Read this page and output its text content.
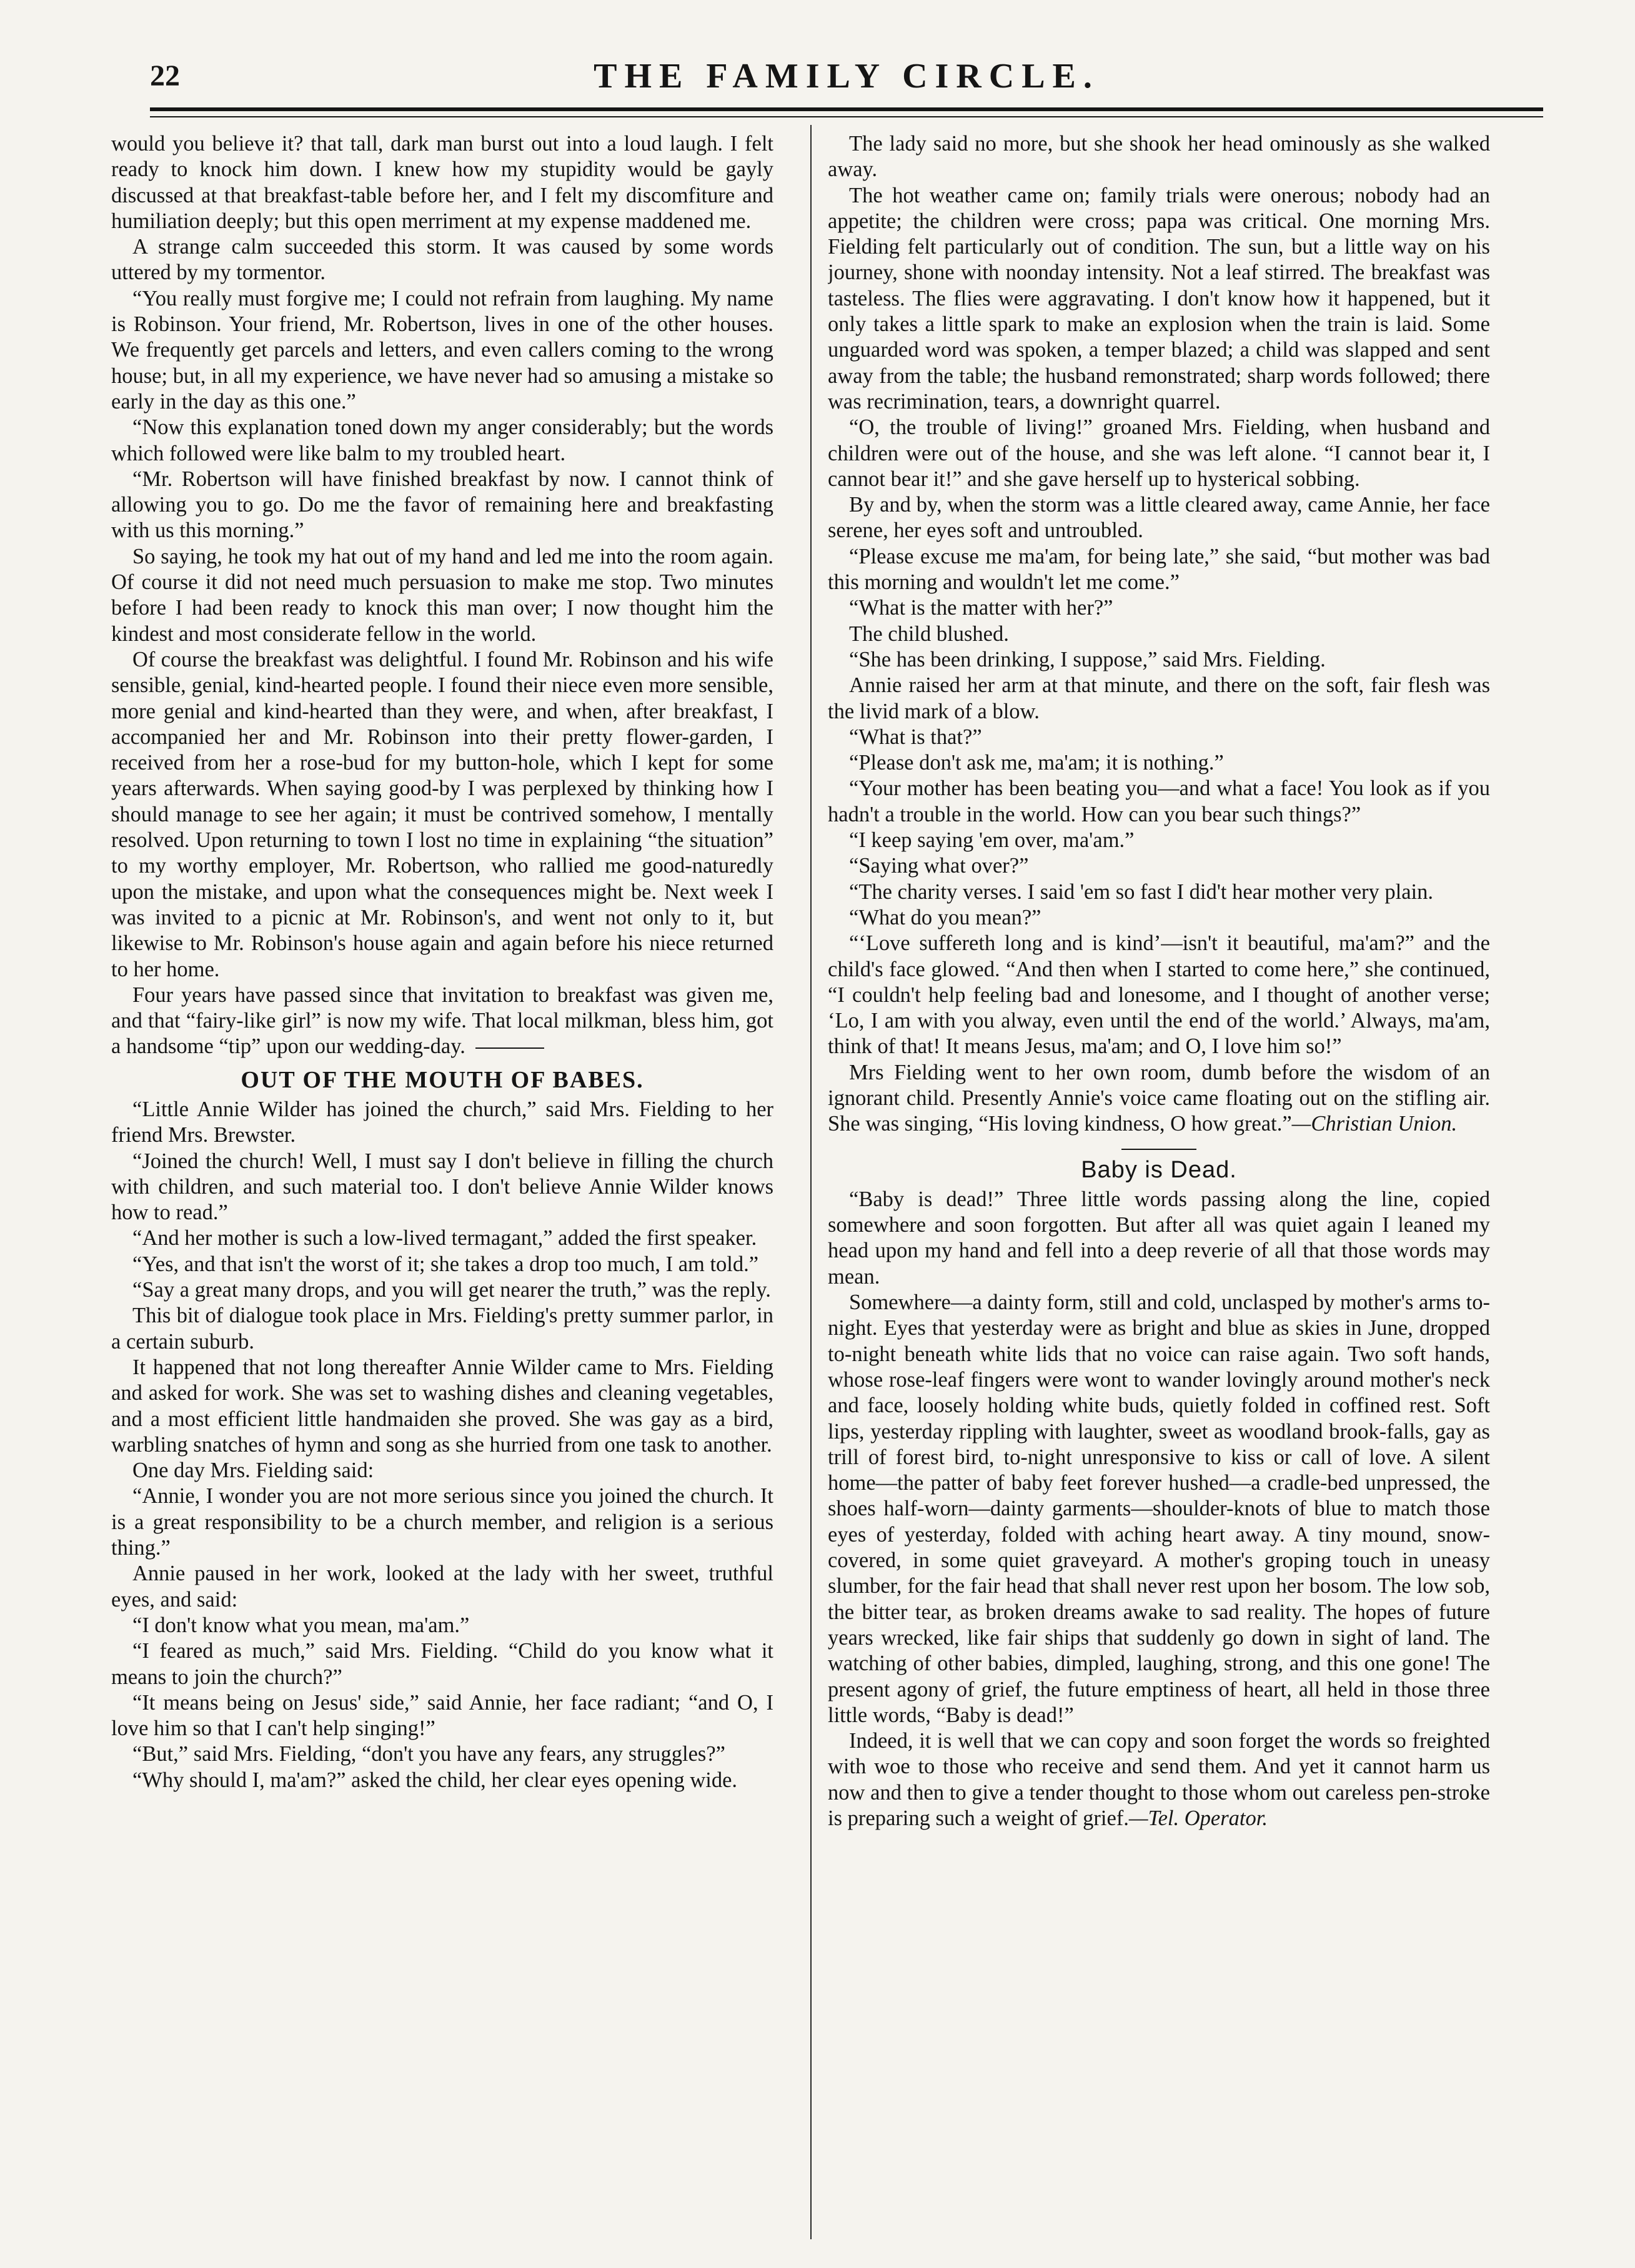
22	THE FAMILY CIRCLE.

would you believe it? that tall, dark man burst out into a loud laugh. I felt ready to knock him down. I knew how my stupidity would be gayly discussed at that breakfast-table before her, and I felt my discomfiture and humiliation deeply; but this open merriment at my expense maddened me.

A strange calm succeeded this storm. It was caused by some words uttered by my tormentor.

“You really must forgive me; I could not refrain from laughing. My name is Robinson. Your friend, Mr. Robertson, lives in one of the other houses. We frequently get parcels and letters, and even callers coming to the wrong house; but, in all my experience, we have never had so amusing a mistake so early in the day as this one.”

“Now this explanation toned down my anger considerably; but the words which followed were like balm to my troubled heart.

“Mr. Robertson will have finished breakfast by now. I cannot think of allowing you to go. Do me the favor of remaining here and breakfasting with us this morning.”

So saying, he took my hat out of my hand and led me into the room again. Of course it did not need much persuasion to make me stop. Two minutes before I had been ready to knock this man over; I now thought him the kindest and most considerate fellow in the world.

Of course the breakfast was delightful. I found Mr. Robinson and his wife sensible, genial, kind-hearted people. I found their niece even more sensible, more genial and kind-hearted than they were, and when, after breakfast, I accompanied her and Mr. Robinson into their pretty flower-garden, I received from her a rose-bud for my button-hole, which I kept for some years afterwards. When saying good-by I was perplexed by thinking how I should manage to see her again; it must be contrived somehow, I mentally resolved. Upon returning to town I lost no time in explaining “the situation” to my worthy employer, Mr. Robertson, who rallied me good-naturedly upon the mistake, and upon what the consequences might be. Next week I was invited to a picnic at Mr. Robinson's, and went not only to it, but likewise to Mr. Robinson's house again and again before his niece returned to her home.

Four years have passed since that invitation to breakfast was given me, and that “fairy-like girl” is now my wife. That local milkman, bless him, got a handsome “tip” upon our wedding-day.

OUT OF THE MOUTH OF BABES.

“Little Annie Wilder has joined the church,” said Mrs. Fielding to her friend Mrs. Brewster.

“Joined the church! Well, I must say I don't believe in filling the church with children, and such material too. I don't believe Annie Wilder knows how to read.”

“And her mother is such a low-lived termagant,” added the first speaker.

“Yes, and that isn't the worst of it; she takes a drop too much, I am told.”

“Say a great many drops, and you will get nearer the truth,” was the reply.

This bit of dialogue took place in Mrs. Fielding's pretty summer parlor, in a certain suburb.

It happened that not long thereafter Annie Wilder came to Mrs. Fielding and asked for work. She was set to washing dishes and cleaning vegetables, and a most efficient little handmaiden she proved. She was gay as a bird, warbling snatches of hymn and song as she hurried from one task to another.

One day Mrs. Fielding said:

“Annie, I wonder you are not more serious since you joined the church. It is a great responsibility to be a church member, and religion is a serious thing.”

Annie paused in her work, looked at the lady with her sweet, truthful eyes, and said:

“I don't know what you mean, ma'am.”

“I feared as much,” said Mrs. Fielding. “Child do you know what it means to join the church?”

“It means being on Jesus' side,” said Annie, her face radiant; “and O, I love him so that I can't help singing!”

“But,” said Mrs. Fielding, “don't you have any fears, any struggles?”

“Why should I, ma'am?” asked the child, her clear eyes opening wide.

The lady said no more, but she shook her head ominously as she walked away.

The hot weather came on; family trials were onerous; nobody had an appetite; the children were cross; papa was critical. One morning Mrs. Fielding felt particularly out of condition. The sun, but a little way on his journey, shone with noonday intensity. Not a leaf stirred. The breakfast was tasteless. The flies were aggravating. I don't know how it happened, but it only takes a little spark to make an explosion when the train is laid. Some unguarded word was spoken, a temper blazed; a child was slapped and sent away from the table; the husband remonstrated; sharp words followed; there was recrimination, tears, a downright quarrel.

“O, the trouble of living!” groaned Mrs. Fielding, when husband and children were out of the house, and she was left alone. “I cannot bear it, I cannot bear it!” and she gave herself up to hysterical sobbing.

By and by, when the storm was a little cleared away, came Annie, her face serene, her eyes soft and untroubled.

“Please excuse me ma'am, for being late,” she said, “but mother was bad this morning and wouldn't let me come.”

“What is the matter with her?”

The child blushed.

“She has been drinking, I suppose,” said Mrs. Fielding.

Annie raised her arm at that minute, and there on the soft, fair flesh was the livid mark of a blow.

“What is that?”

“Please don't ask me, ma'am; it is nothing.”

“Your mother has been beating you—and what a face! You look as if you hadn't a trouble in the world. How can you bear such things?”

“I keep saying 'em over, ma'am.”

“Saying what over?”

“The charity verses. I said 'em so fast I did't hear mother very plain.

“What do you mean?”

“‘Love suffereth long and is kind’—isn't it beautiful, ma'am?” and the child's face glowed. “And then when I started to come here,” she continued, “I couldn't help feeling bad and lonesome, and I thought of another verse; ‘Lo, I am with you alway, even until the end of the world.’ Always, ma'am, think of that! It means Jesus, ma'am; and O, I love him so!”

Mrs Fielding went to her own room, dumb before the wisdom of an ignorant child. Presently Annie's voice came floating out on the stifling air. She was singing, “His loving kindness, O how great.”—Christian Union.

Baby is Dead.

“Baby is dead!” Three little words passing along the line, copied somewhere and soon forgotten. But after all was quiet again I leaned my head upon my hand and fell into a deep reverie of all that those words may mean.

Somewhere—a dainty form, still and cold, unclasped by mother's arms to-night. Eyes that yesterday were as bright and blue as skies in June, dropped to-night beneath white lids that no voice can raise again. Two soft hands, whose rose-leaf fingers were wont to wander lovingly around mother's neck and face, loosely holding white buds, quietly folded in coffined rest. Soft lips, yesterday rippling with laughter, sweet as woodland brook-falls, gay as trill of forest bird, to-night unresponsive to kiss or call of love. A silent home—the patter of baby feet forever hushed—a cradle-bed unpressed, the shoes half-worn—dainty garments—shoulder-knots of blue to match those eyes of yesterday, folded with aching heart away. A tiny mound, snow-covered, in some quiet graveyard. A mother's groping touch in uneasy slumber, for the fair head that shall never rest upon her bosom. The low sob, the bitter tear, as broken dreams awake to sad reality. The hopes of future years wrecked, like fair ships that suddenly go down in sight of land. The watching of other babies, dimpled, laughing, strong, and this one gone! The present agony of grief, the future emptiness of heart, all held in those three little words, “Baby is dead!”

Indeed, it is well that we can copy and soon forget the words so freighted with woe to those who receive and send them. And yet it cannot harm us now and then to give a tender thought to those whom out careless pen-stroke is preparing such a weight of grief.—Tel. Operator.
